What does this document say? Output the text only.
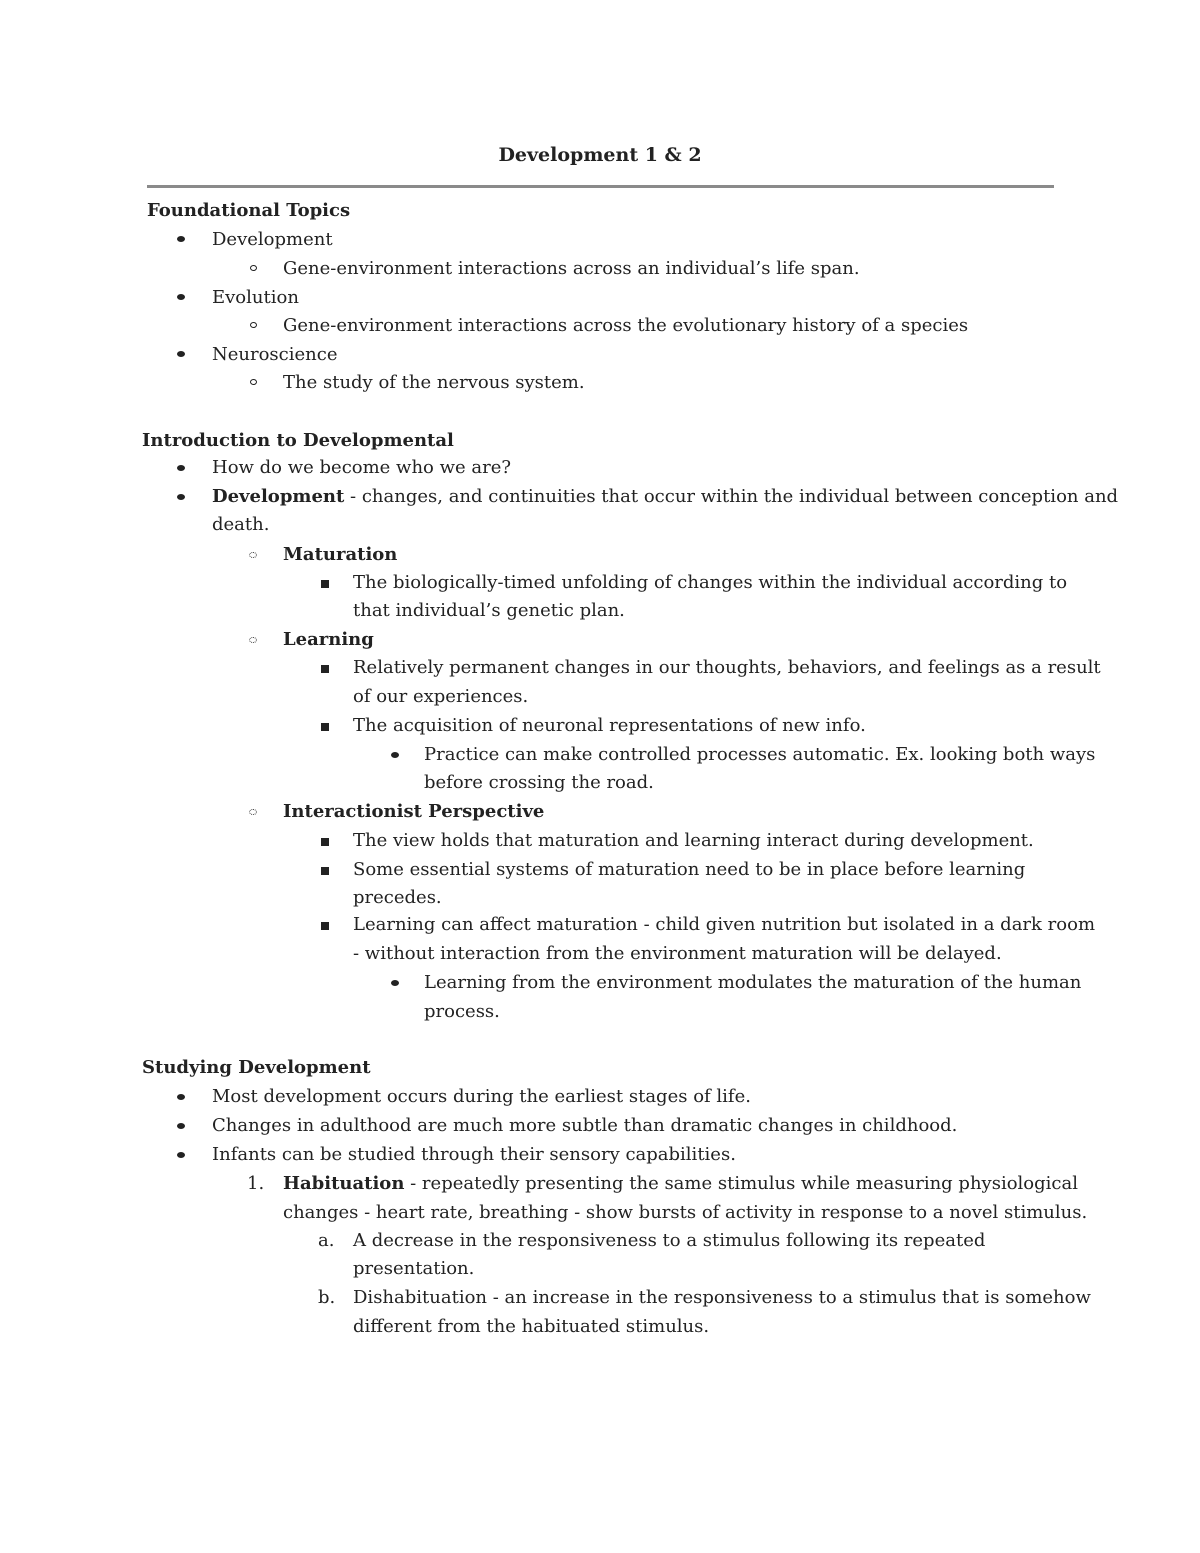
Development 1 & 2
Foundational Topics
Development
Gene-environment interactions across an individual’s life span.
Evolution
Gene-environment interactions across the evolutionary history of a species
Neuroscience
The study of the nervous system.
Introduction to Developmental
How do we become who we are?
Development - changes, and continuities that occur within the individual between conception and
death.
Maturation
The biologically-timed unfolding of changes within the individual according to
that individual’s genetic plan.
Learning
Relatively permanent changes in our thoughts, behaviors, and feelings as a result
of our experiences.
The acquisition of neuronal representations of new info.
Practice can make controlled processes automatic. Ex. looking both ways
before crossing the road.
Interactionist Perspective
The view holds that maturation and learning interact during development.
Some essential systems of maturation need to be in place before learning
precedes.
Learning can affect maturation - child given nutrition but isolated in a dark room
- without interaction from the environment maturation will be delayed.
Learning from the environment modulates the maturation of the human
process.
Studying Development
Most development occurs during the earliest stages of life.
Changes in adulthood are much more subtle than dramatic changes in childhood.
Infants can be studied through their sensory capabilities.
1. Habituation - repeatedly presenting the same stimulus while measuring physiological
changes - heart rate, breathing - show bursts of activity in response to a novel stimulus.
a. A decrease in the responsiveness to a stimulus following its repeated
presentation.
b. Dishabituation - an increase in the responsiveness to a stimulus that is somehow
different from the habituated stimulus.
